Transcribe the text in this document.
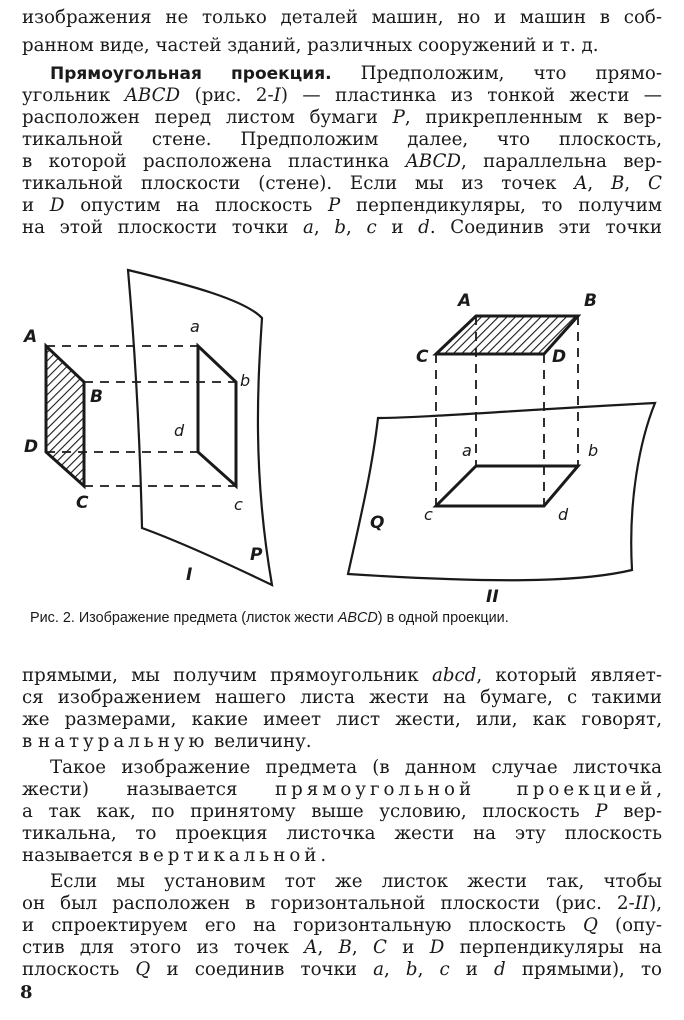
изображения не только деталей машин, но и машин в соб-

ранном виде, частей зданий, различных сооружений и т. д.

Прямоугольная проекция. Предположим, что прямо-

угольник ABCD (рис. 2-I) — пластинка из тонкой жести —

расположен перед листом бумаги P, прикрепленным к вер-

тикальной стене. Предположим далее, что плоскость,

в которой расположена пластинка ABCD, параллельна вер-

тикальной плоскости (стене). Если мы из точек A, B, C

и D опустим на плоскость P перпендикуляры, то получим

на этой плоскости точки a, b, c и d. Соединив эти точки

A
B
D
C
a
b
d
c
P
I
A	B
C	D
a	b
c	d
Q
II

Рис. 2. Изображение предмета (листок жести ABCD) в одной проекции.

прямыми, мы получим прямоугольник abcd, который являет-

ся изображением нашего листа жести на бумаге, с такими

же размерами, какие имеет лист жести, или, как говорят,

в натуральную величину.

Такое изображение предмета (в данном случае листочка

жести) называется прямоугольной проекцией,

а так как, по принятому выше условию, плоскость P вер-

тикальна, то проекция листочка жести на эту плоскость

называется вертикальной.

Если мы установим тот же листок жести так, чтобы

он был расположен в горизонтальной плоскости (рис. 2-II),

и спроектируем его на горизонтальную плоскость Q (опу-

стив для этого из точек A, B, C и D перпендикуляры на

плоскость Q и соединив точки a, b, c и d прямыми), то

8
